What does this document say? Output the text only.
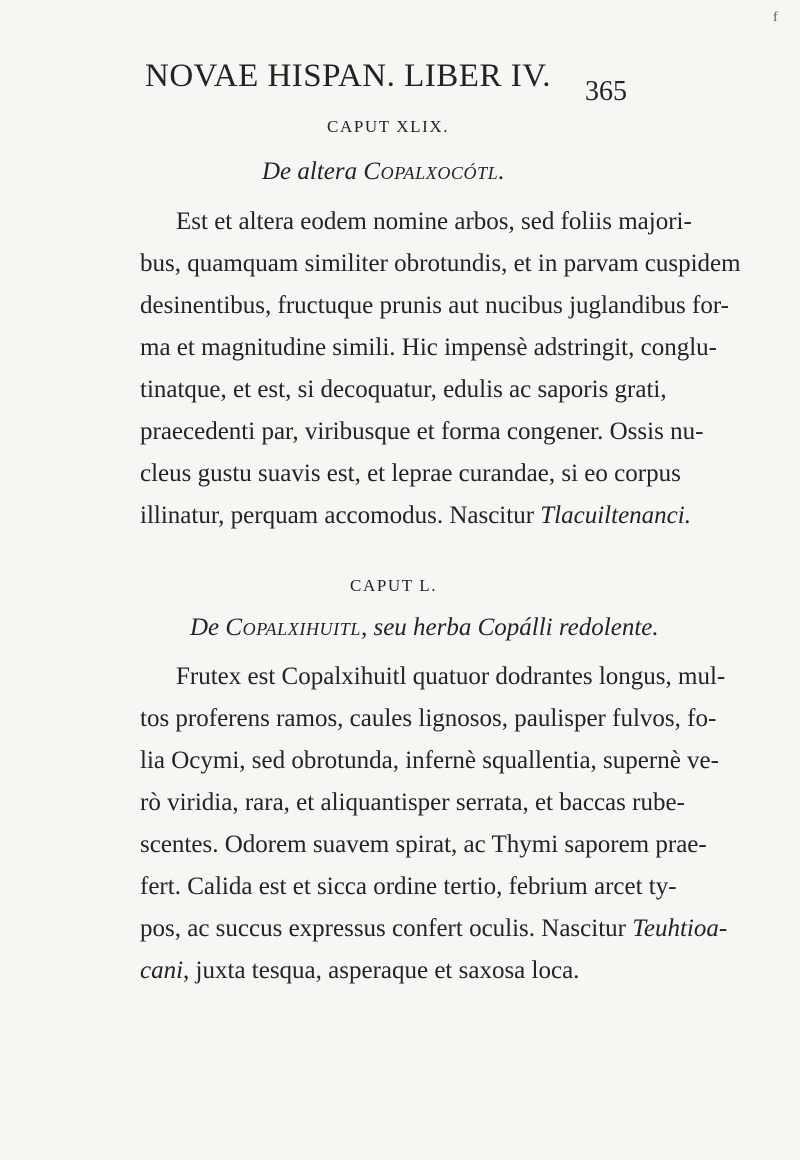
f
NOVAE HISPAN. LIBER IV. 365
CAPUT XLIX.
De altera Copalxocótl.
Est et altera eodem nomine arbos, sed foliis majori-
bus, quamquam similiter obrotundis, et in parvam cuspidem
desinentibus, fructuque prunis aut nucibus juglandibus for-
ma et magnitudine simili. Hic impensè adstringit, conglu-
tinatque, et est, si decoquatur, edulis ac saporis grati,
praecedenti par, viribusque et forma congener. Ossis nu-
cleus gustu suavis est, et leprae curandae, si eo corpus
illinatur, perquam accomodus. Nascitur Tlacuiltenanci.
CAPUT L.
De Copalxihuitl, seu herba Copálli redolente.
Frutex est Copalxihuitl quatuor dodrantes longus, mul-
tos proferens ramos, caules lignosos, paulisper fulvos, fo-
lia Ocymi, sed obrotunda, infernè squallentia, supernè ve-
rò viridia, rara, et aliquantisper serrata, et baccas rube-
scentes. Odorem suavem spirat, ac Thymi saporem prae-
fert. Calida est et sicca ordine tertio, febrium arcet ty-
pos, ac succus expressus confert oculis. Nascitur Teuhtioa-
cani, juxta tesqua, asperaque et saxosa loca.
